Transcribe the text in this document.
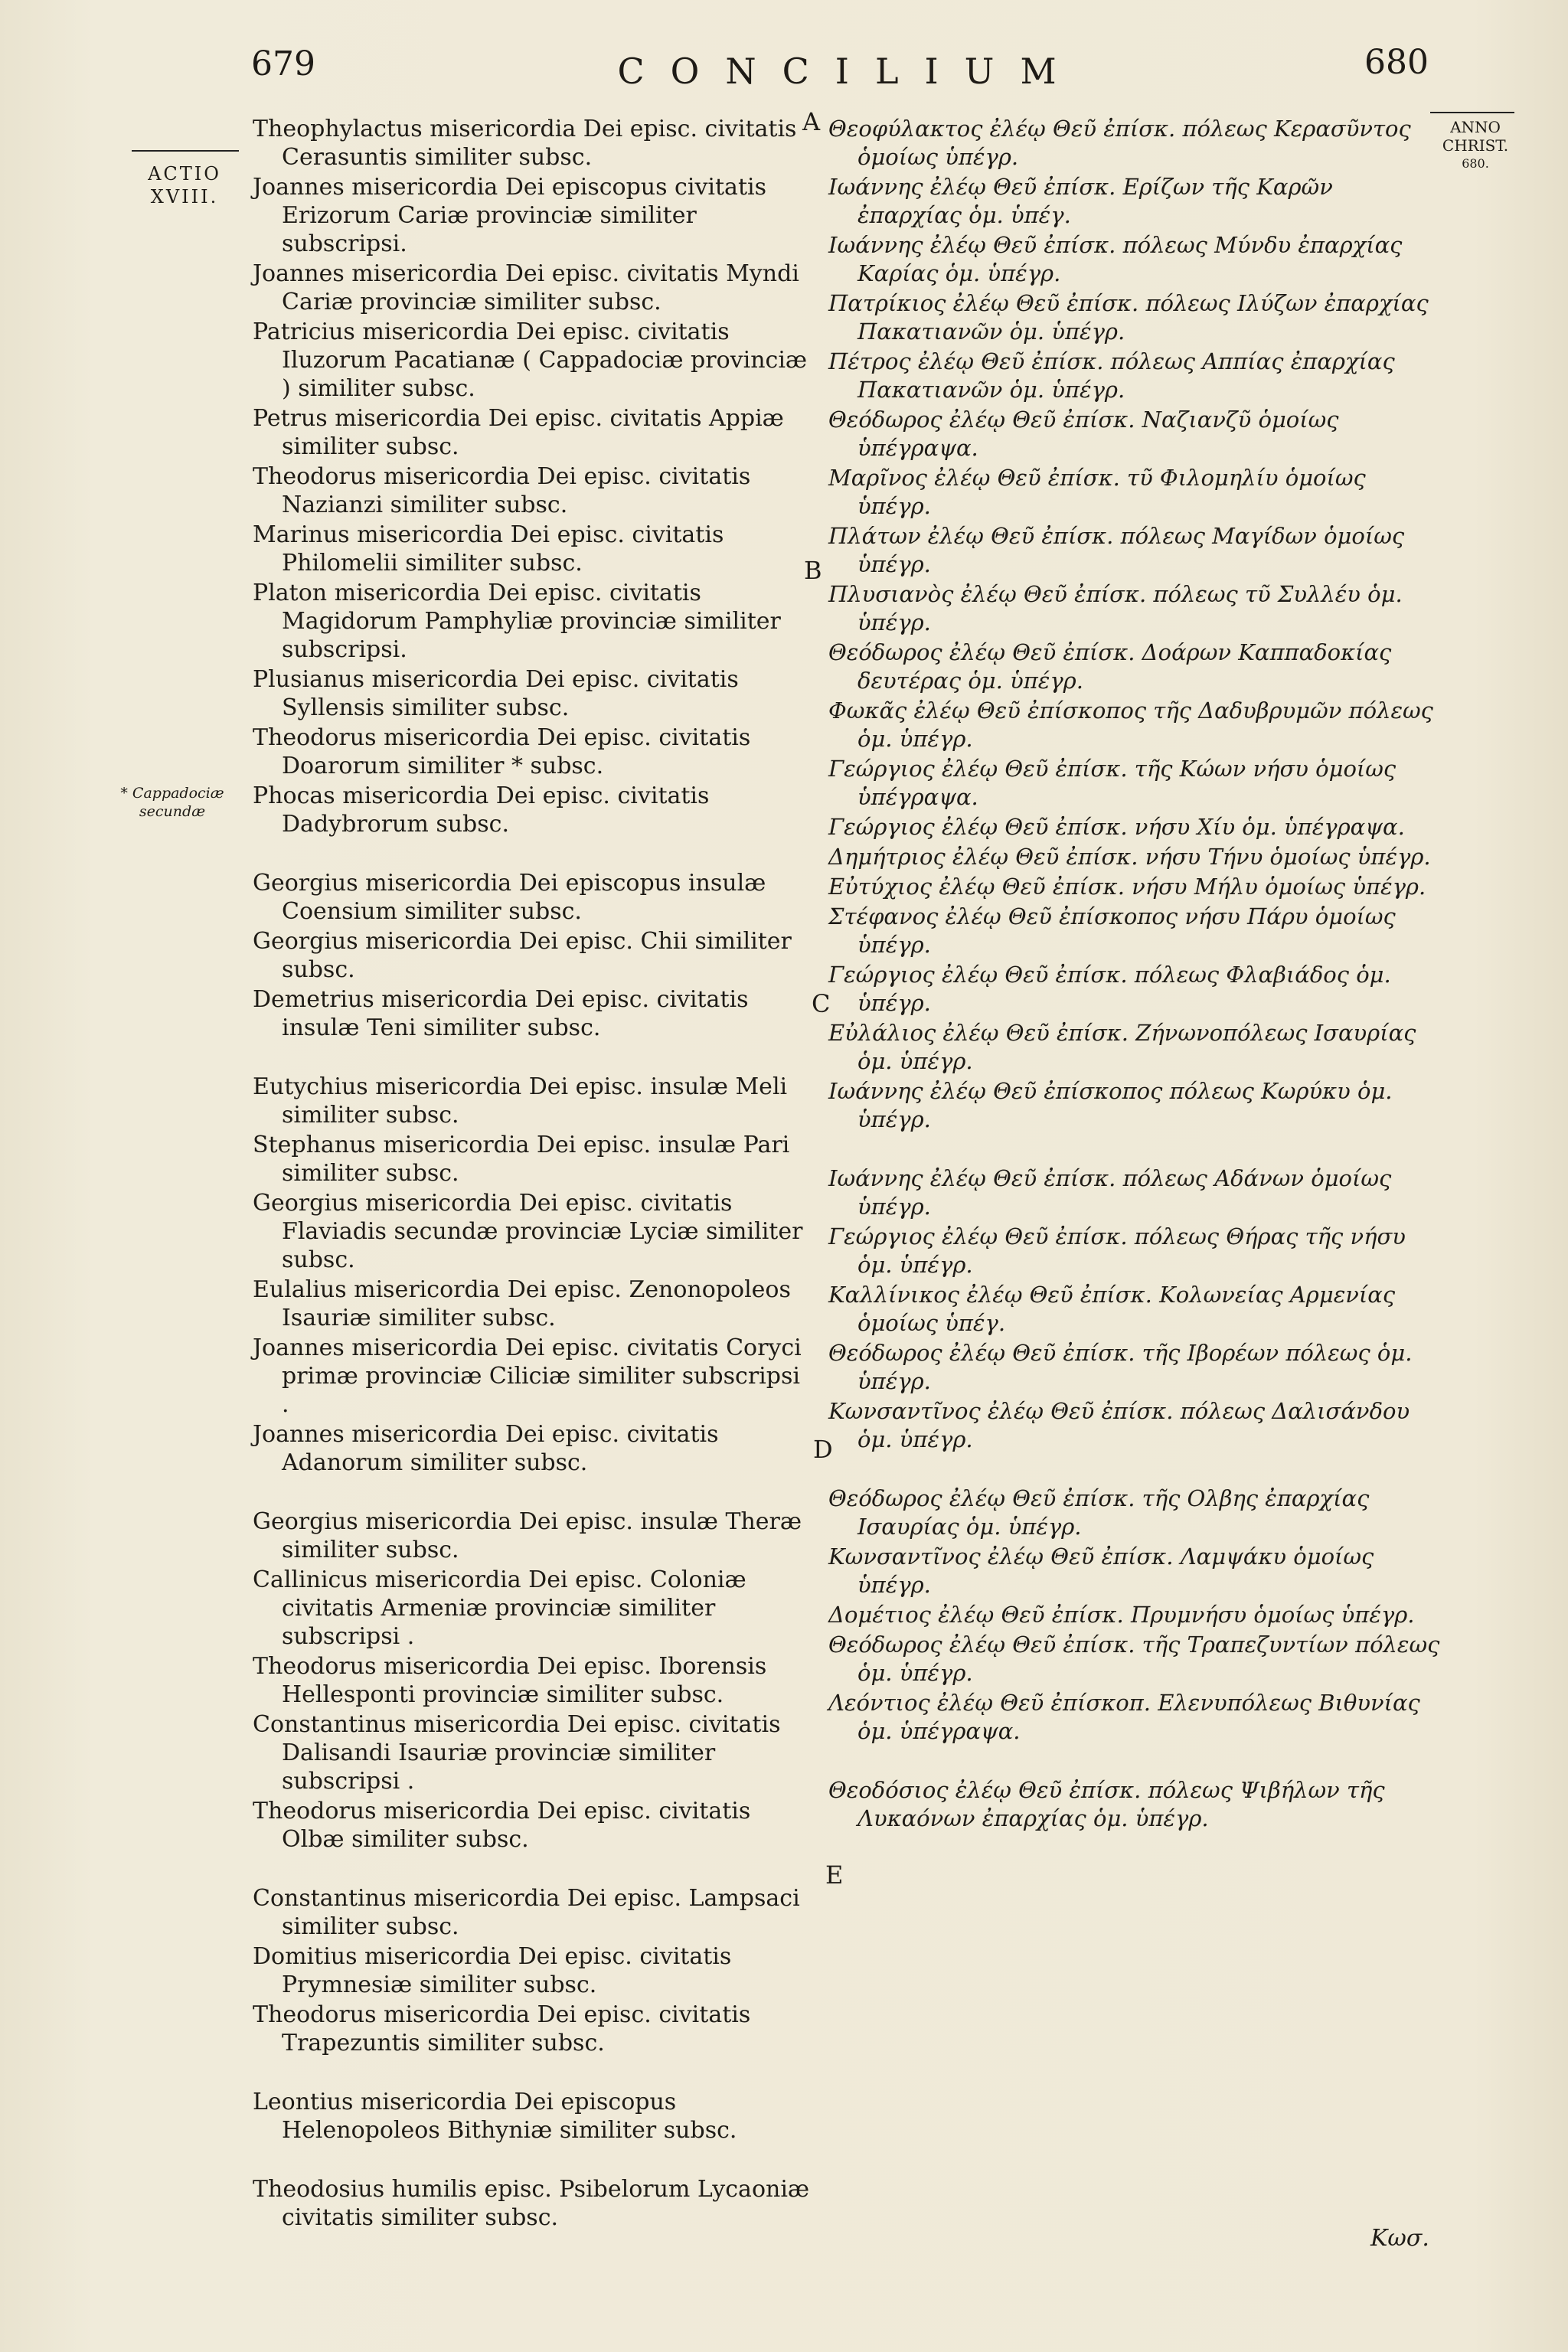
679	CONCILIUM	680
ACTIO
XVIII.
ANNO
CHRIST.
680.
* Cappadociæ
secundæ
A
B
C
D
E
Theophylactus misericordia Dei episc. civitatis Cerasuntis similiter subsc.
Joannes misericordia Dei episcopus civitatis Erizorum Cariæ provinciæ similiter subscripsi.
Joannes misericordia Dei episc. civitatis Myndi Cariæ provinciæ similiter subsc.
Patricius misericordia Dei episc. civitatis Iluzorum Pacatianæ ( Cappadociæ provinciæ ) similiter subsc.
Petrus misericordia Dei episc. civitatis Appiæ similiter subsc.
Theodorus misericordia Dei episc. civitatis Nazianzi similiter subsc.
Marinus misericordia Dei episc. civitatis Philomelii similiter subsc.
Platon misericordia Dei episc. civitatis Magidorum Pamphyliæ provinciæ similiter subscripsi.
Plusianus misericordia Dei episc. civitatis Syllensis similiter subsc.
Theodorus misericordia Dei episc. civitatis Doarorum similiter * subsc.
Phocas misericordia Dei episc. civitatis Dadybrorum subsc.
Georgius misericordia Dei episcopus insulæ Coensium similiter subsc.
Georgius misericordia Dei episc. Chii similiter subsc.
Demetrius misericordia Dei episc. civitatis insulæ Teni similiter subsc.
Eutychius misericordia Dei episc. insulæ Meli similiter subsc.
Stephanus misericordia Dei episc. insulæ Pari similiter subsc.
Georgius misericordia Dei episc. civitatis Flaviadis secundæ provinciæ Lyciæ similiter subsc.
Eulalius misericordia Dei episc. Zenonopoleos Isauriæ similiter subsc.
Joannes misericordia Dei episc. civitatis Coryci primæ provinciæ Ciliciæ similiter subscripsi .
Joannes misericordia Dei episc. civitatis Adanorum similiter subsc.
Georgius misericordia Dei episc. insulæ Theræ similiter subsc.
Callinicus misericordia Dei episc. Coloniæ civitatis Armeniæ provinciæ similiter subscripsi .
Theodorus misericordia Dei episc. Iborensis Hellesponti provinciæ similiter subsc.
Constantinus misericordia Dei episc. civitatis Dalisandi Isauriæ provinciæ similiter subscripsi .
Theodorus misericordia Dei episc. civitatis Olbæ similiter subsc.
Constantinus misericordia Dei episc. Lampsaci similiter subsc.
Domitius misericordia Dei episc. civitatis Prymnesiæ similiter subsc.
Theodorus misericordia Dei episc. civitatis Trapezuntis similiter subsc.
Leontius misericordia Dei episcopus Helenopoleos Bithyniæ similiter subsc.
Theodosius humilis episc. Psibelorum Lycaoniæ civitatis similiter subsc.
Θεοφύλακτος ἐλέῳ Θεῦ ἐπίσκ. πόλεως Κερασῦντος ὁμοίως ὑπέγρ.
Ιωάννης ἐλέῳ Θεῦ ἐπίσκ. Ερίζων τῆς Καρῶν ἐπαρχίας ὁμ. ὑπέγ.
Ιωάννης ἐλέῳ Θεῦ ἐπίσκ. πόλεως Μύνδυ ἐπαρχίας Καρίας ὁμ. ὑπέγρ.
Πατρίκιος ἐλέῳ Θεῦ ἐπίσκ. πόλεως Ιλύζων ἐπαρχίας Πακατιανῶν ὁμ. ὑπέγρ.
Πέτρος ἐλέῳ Θεῦ ἐπίσκ. πόλεως Αππίας ἐπαρχίας Πακατιανῶν ὁμ. ὑπέγρ.
Θεόδωρος ἐλέῳ Θεῦ ἐπίσκ. Ναζιανζῦ ὁμοίως ὑπέγραψα.
Μαρῖνος ἐλέῳ Θεῦ ἐπίσκ. τῦ Φιλομηλίυ ὁμοίως ὑπέγρ.
Πλάτων ἐλέῳ Θεῦ ἐπίσκ. πόλεως Μαγίδων ὁμοίως ὑπέγρ.
Πλυσιανὸς ἐλέῳ Θεῦ ἐπίσκ. πόλεως τῦ Συλλέυ ὁμ. ὑπέγρ.
Θεόδωρος ἐλέῳ Θεῦ ἐπίσκ. Δοάρων Καππαδοκίας δευτέρας ὁμ. ὑπέγρ.
Φωκᾶς ἐλέῳ Θεῦ ἐπίσκοπος τῆς Δαδυβρυμῶν πόλεως ὁμ. ὑπέγρ.
Γεώργιος ἐλέῳ Θεῦ ἐπίσκ. τῆς Κώων νήσυ ὁμοίως ὑπέγραψα.
Γεώργιος ἐλέῳ Θεῦ ἐπίσκ. νήσυ Χίυ ὁμ. ὑπέγραψα.
Δημήτριος ἐλέῳ Θεῦ ἐπίσκ. νήσυ Τήνυ ὁμοίως ὑπέγρ.
Εὐτύχιος ἐλέῳ Θεῦ ἐπίσκ. νήσυ Μήλυ ὁμοίως ὑπέγρ.
Στέφανος ἐλέῳ Θεῦ ἐπίσκοπος νήσυ Πάρυ ὁμοίως ὑπέγρ.
Γεώργιος ἐλέῳ Θεῦ ἐπίσκ. πόλεως Φλαβιάδος ὁμ. ὑπέγρ.
Εὐλάλιος ἐλέῳ Θεῦ ἐπίσκ. Ζήνωνοπόλεως Ισαυρίας ὁμ. ὑπέγρ.
Ιωάννης ἐλέῳ Θεῦ ἐπίσκοπος πόλεως Κωρύκυ ὁμ. ὑπέγρ.
Ιωάννης ἐλέῳ Θεῦ ἐπίσκ. πόλεως Αδάνων ὁμοίως ὑπέγρ.
Γεώργιος ἐλέῳ Θεῦ ἐπίσκ. πόλεως Θήρας τῆς νήσυ ὁμ. ὑπέγρ.
Καλλίνικος ἐλέῳ Θεῦ ἐπίσκ. Κολωνείας Αρμενίας ὁμοίως ὑπέγ.
Θεόδωρος ἐλέῳ Θεῦ ἐπίσκ. τῆς Ιβορέων πόλεως ὁμ. ὑπέγρ.
Κωνσαντῖνος ἐλέῳ Θεῦ ἐπίσκ. πόλεως Δαλισάνδου ὁμ. ὑπέγρ.
Θεόδωρος ἐλέῳ Θεῦ ἐπίσκ. τῆς Ολβης ἐπαρχίας Ισαυρίας ὁμ. ὑπέγρ.
Κωνσαντῖνος ἐλέῳ Θεῦ ἐπίσκ. Λαμψάκυ ὁμοίως ὑπέγρ.
Δομέτιος ἐλέῳ Θεῦ ἐπίσκ. Πρυμνήσυ ὁμοίως ὑπέγρ.
Θεόδωρος ἐλέῳ Θεῦ ἐπίσκ. τῆς Τραπεζυντίων πόλεως ὁμ. ὑπέγρ.
Λεόντιος ἐλέῳ Θεῦ ἐπίσκοπ. Ελενυπόλεως Βιθυνίας ὁμ. ὑπέγραψα.
Θεοδόσιος ἐλέῳ Θεῦ ἐπίσκ. πόλεως Ψιβήλων τῆς Λυκαόνων ἐπαρχίας ὁμ. ὑπέγρ.
Κωσ.
